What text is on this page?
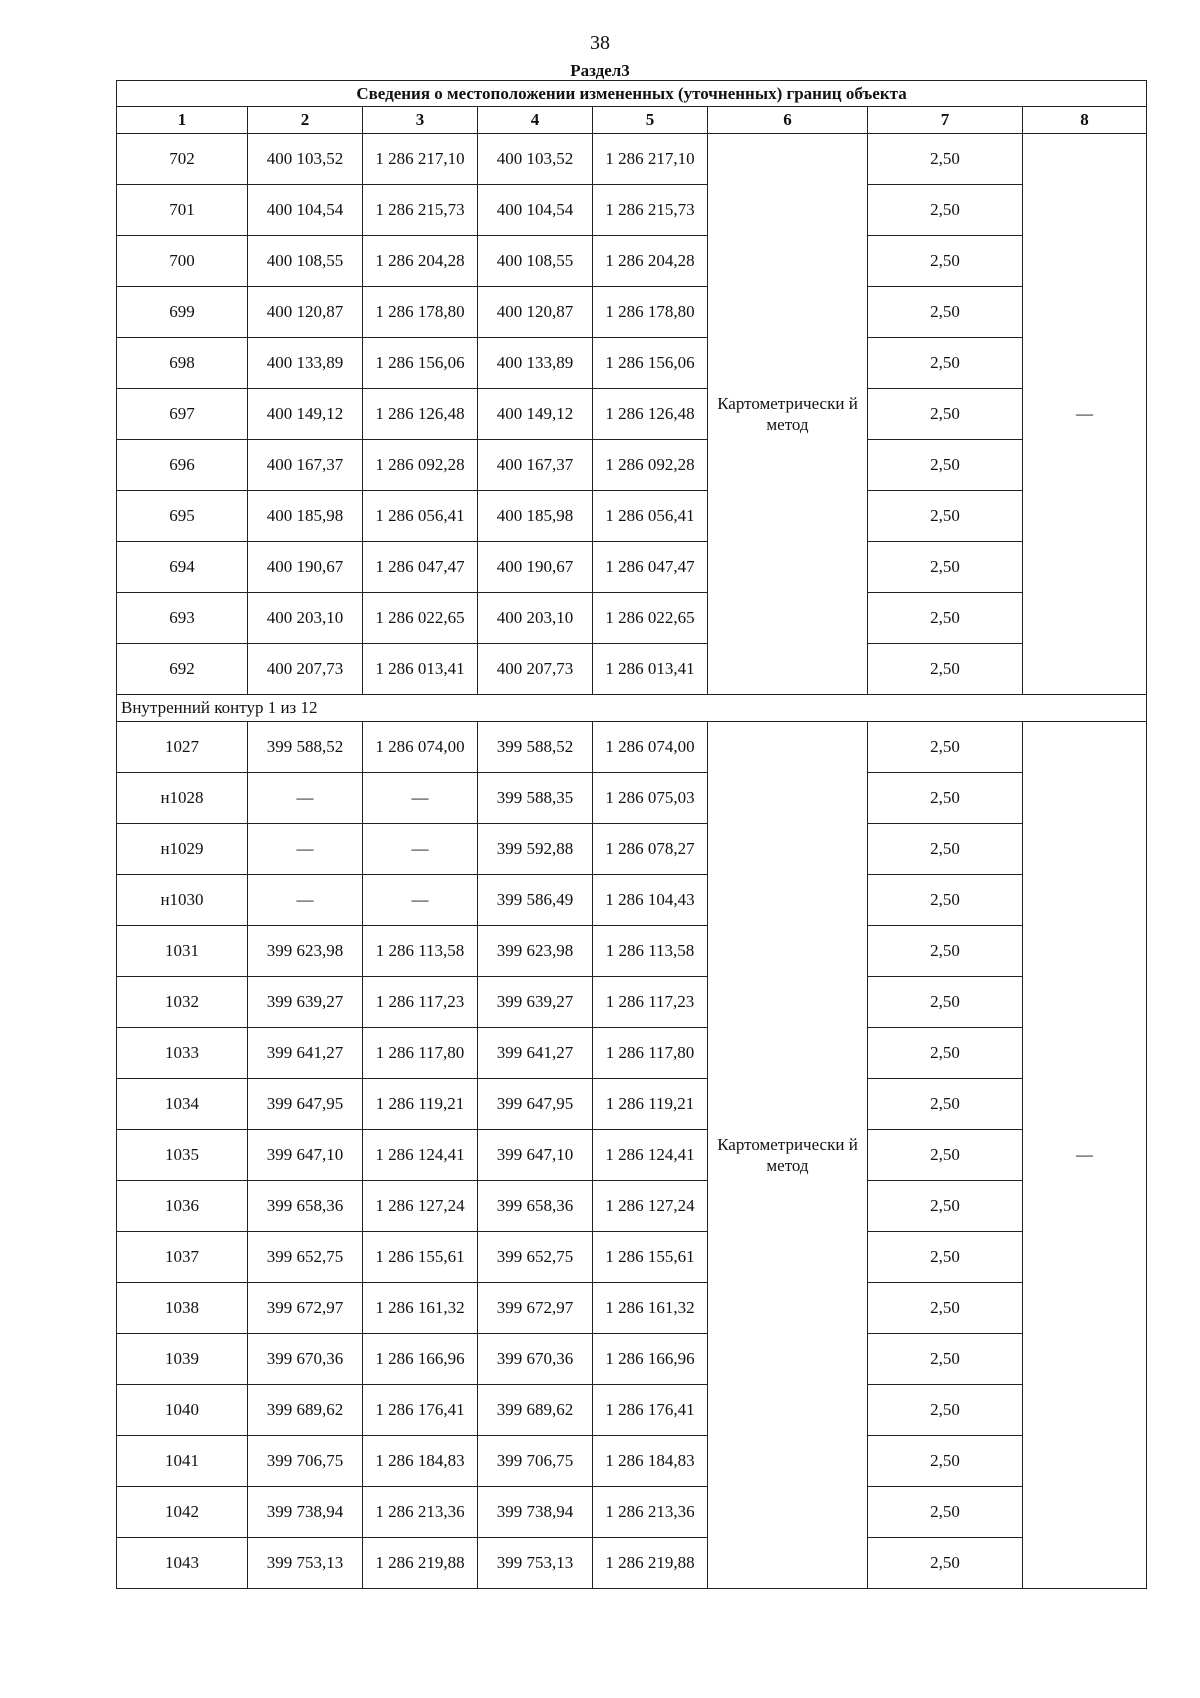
38
Раздел3
Сведения о местоположении измененных (уточненных) границ объекта							
1	2	3	4	5	6	7	8
702	400 103,52	1 286 217,10	400 103,52	1 286 217,10	Картометрически й метод	2,50	—
701	400 104,54	1 286 215,73	400 104,54	1 286 215,73		2,50	
700	400 108,55	1 286 204,28	400 108,55	1 286 204,28		2,50	
699	400 120,87	1 286 178,80	400 120,87	1 286 178,80		2,50	
698	400 133,89	1 286 156,06	400 133,89	1 286 156,06		2,50	
697	400 149,12	1 286 126,48	400 149,12	1 286 126,48		2,50	
696	400 167,37	1 286 092,28	400 167,37	1 286 092,28		2,50	
695	400 185,98	1 286 056,41	400 185,98	1 286 056,41		2,50	
694	400 190,67	1 286 047,47	400 190,67	1 286 047,47		2,50	
693	400 203,10	1 286 022,65	400 203,10	1 286 022,65		2,50	
692	400 207,73	1 286 013,41	400 207,73	1 286 013,41		2,50	
Внутренний контур 1 из 12							
1027	399 588,52	1 286 074,00	399 588,52	1 286 074,00	Картометрически й метод	2,50	—
н1028	—	—	399 588,35	1 286 075,03		2,50	
н1029	—	—	399 592,88	1 286 078,27		2,50	
н1030	—	—	399 586,49	1 286 104,43		2,50	
1031	399 623,98	1 286 113,58	399 623,98	1 286 113,58		2,50	
1032	399 639,27	1 286 117,23	399 639,27	1 286 117,23		2,50	
1033	399 641,27	1 286 117,80	399 641,27	1 286 117,80		2,50	
1034	399 647,95	1 286 119,21	399 647,95	1 286 119,21		2,50	
1035	399 647,10	1 286 124,41	399 647,10	1 286 124,41		2,50	
1036	399 658,36	1 286 127,24	399 658,36	1 286 127,24		2,50	
1037	399 652,75	1 286 155,61	399 652,75	1 286 155,61		2,50	
1038	399 672,97	1 286 161,32	399 672,97	1 286 161,32		2,50	
1039	399 670,36	1 286 166,96	399 670,36	1 286 166,96		2,50	
1040	399 689,62	1 286 176,41	399 689,62	1 286 176,41		2,50	
1041	399 706,75	1 286 184,83	399 706,75	1 286 184,83		2,50	
1042	399 738,94	1 286 213,36	399 738,94	1 286 213,36		2,50	
1043	399 753,13	1 286 219,88	399 753,13	1 286 219,88		2,50	
